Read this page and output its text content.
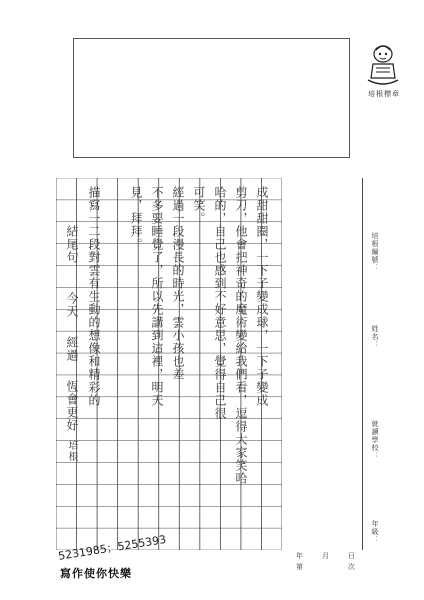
培根標章
成甜甜圈，一下子變成球，一下子變成
剪刀，他會把神奇的魔術變給我們看，逗得大家笑哈
哈的，自己也感到不好意思，覺得自己很
可笑。
經過一段漫長的時光，雲小孩也差
不多要睡覺了，所以先講到這裡，明天
見，拜拜。
描寫一二段對雲有生動的想像和精彩的
結尾句
今天
經過
恆會更好
培根
培根編號：
姓名：
就讀學校：
年級：
年	月	日
次
第
5231985；5255393
寫作使你快樂
